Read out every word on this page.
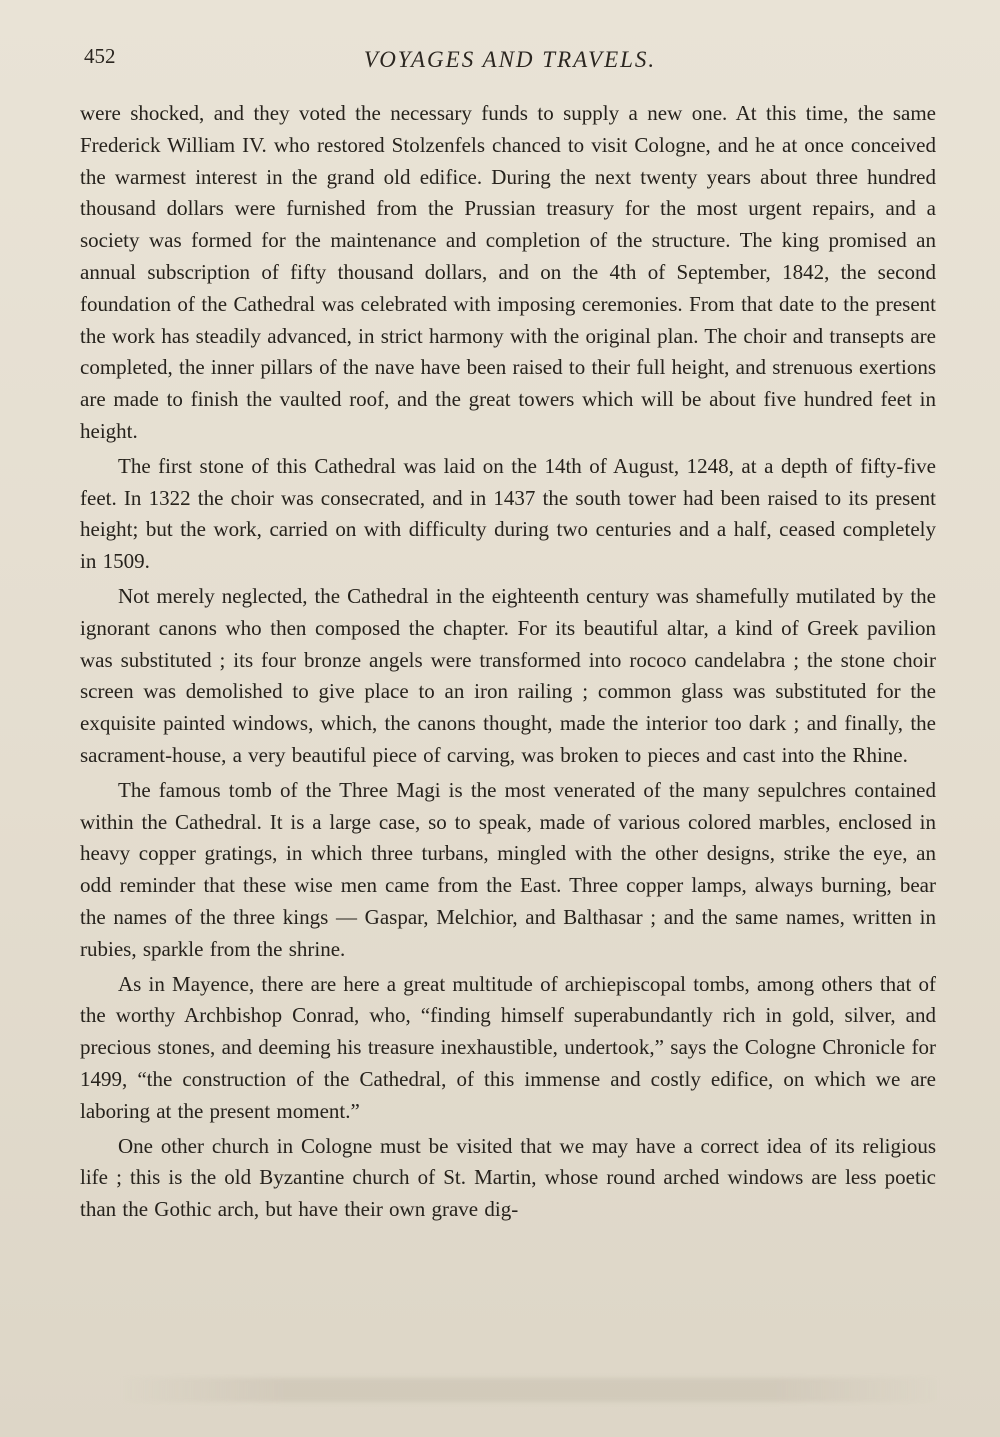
452	VOYAGES AND TRAVELS.

were shocked, and they voted the necessary funds to supply a new one. At this time, the same Frederick William IV. who restored Stolzenfels chanced to visit Cologne, and he at once conceived the warmest interest in the grand old edifice. During the next twenty years about three hundred thousand dollars were furnished from the Prussian treasury for the most urgent repairs, and a society was formed for the maintenance and completion of the structure. The king promised an annual subscription of fifty thousand dollars, and on the 4th of September, 1842, the second foundation of the Cathedral was celebrated with imposing ceremonies. From that date to the present the work has steadily advanced, in strict harmony with the original plan. The choir and transepts are completed, the inner pillars of the nave have been raised to their full height, and strenuous exertions are made to finish the vaulted roof, and the great towers which will be about five hundred feet in height.

The first stone of this Cathedral was laid on the 14th of August, 1248, at a depth of fifty-five feet. In 1322 the choir was consecrated, and in 1437 the south tower had been raised to its present height; but the work, carried on with difficulty during two centuries and a half, ceased completely in 1509.

Not merely neglected, the Cathedral in the eighteenth century was shamefully mutilated by the ignorant canons who then composed the chapter. For its beautiful altar, a kind of Greek pavilion was substituted ; its four bronze angels were transformed into rococo candelabra ; the stone choir screen was demolished to give place to an iron railing ; common glass was substituted for the exquisite painted windows, which, the canons thought, made the interior too dark ; and finally, the sacrament-house, a very beautiful piece of carving, was broken to pieces and cast into the Rhine.

The famous tomb of the Three Magi is the most venerated of the many sepulchres contained within the Cathedral. It is a large case, so to speak, made of various colored marbles, enclosed in heavy copper gratings, in which three turbans, mingled with the other designs, strike the eye, an odd reminder that these wise men came from the East. Three copper lamps, always burning, bear the names of the three kings — Gaspar, Melchior, and Balthasar ; and the same names, written in rubies, sparkle from the shrine.

As in Mayence, there are here a great multitude of archiepiscopal tombs, among others that of the worthy Archbishop Conrad, who, “finding himself superabundantly rich in gold, silver, and precious stones, and deeming his treasure inexhaustible, undertook,” says the Cologne Chronicle for 1499, “the construction of the Cathedral, of this immense and costly edifice, on which we are laboring at the present moment.”

One other church in Cologne must be visited that we may have a correct idea of its religious life ; this is the old Byzantine church of St. Martin, whose round arched windows are less poetic than the Gothic arch, but have their own grave dig-
